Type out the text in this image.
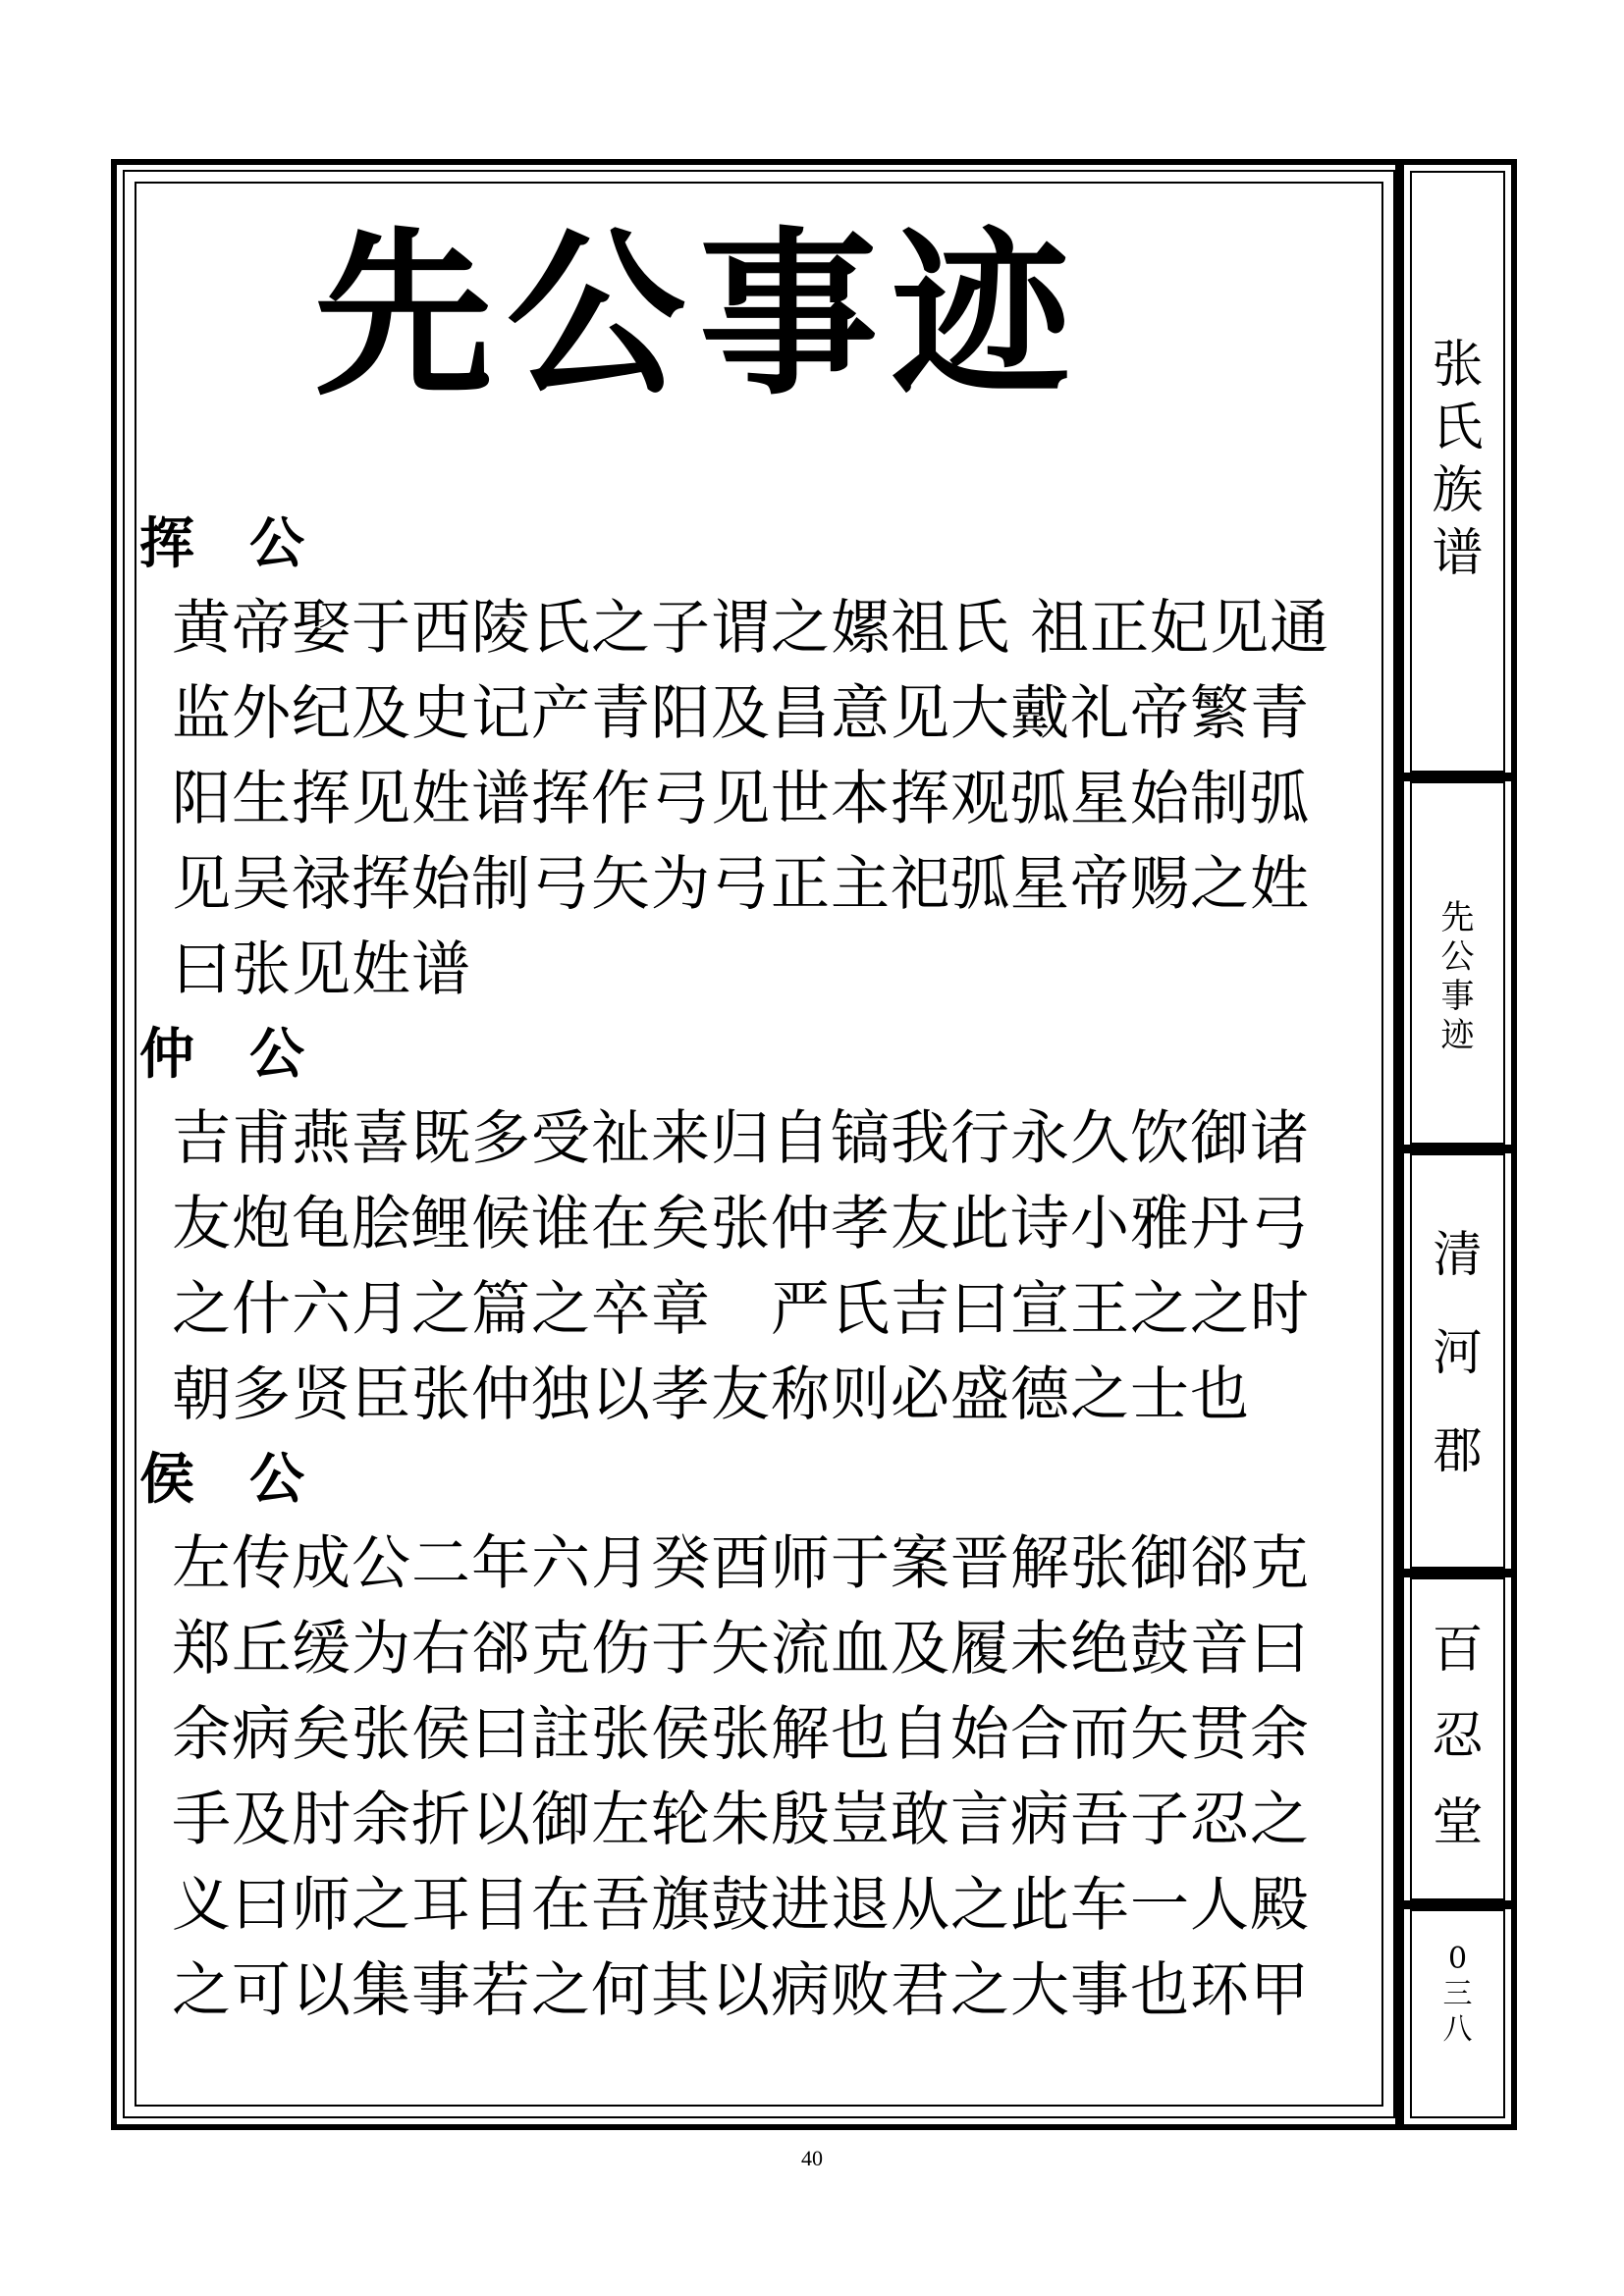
张
氏
族
谱
先
公
事
迹
清
河
郡
百
忍
堂
0
三
八
先公事迹
挥　公
黄帝娶于西陵氏之子谓之嫘祖氏 祖正妃见通
监外纪及史记产青阳及昌意见大戴礼帝繁青
阳生挥见姓谱挥作弓见世本挥观弧星始制弧
见吴禄挥始制弓矢为弓正主祀弧星帝赐之姓
曰张见姓谱
仲　公
吉甫燕喜既多受祉来归自镐我行永久饮御诸
友炮龟脍鲤候谁在矣张仲孝友此诗小雅丹弓
之什六月之篇之卒章　严氏吉曰宣王之之时
朝多贤臣张仲独以孝友称则必盛德之士也
侯　公
左传成公二年六月癸酉师于案晋解张御郤克
郑丘缓为右郤克伤于矢流血及履未绝鼓音曰
余病矣张侯曰註张侯张解也自始合而矢贯余
手及肘余折以御左轮朱殷豈敢言病吾子忍之
义曰师之耳目在吾旗鼓进退从之此车一人殿
之可以集事若之何其以病败君之大事也环甲
40
